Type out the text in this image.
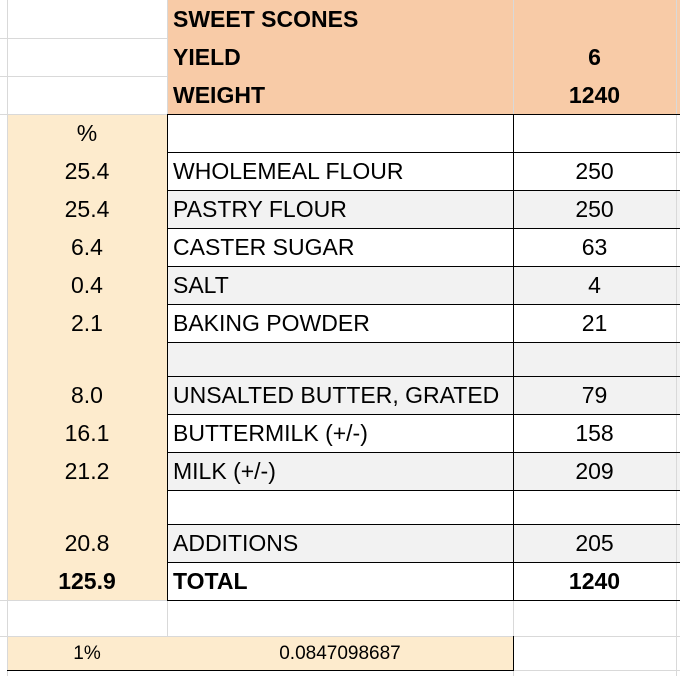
SWEET SCONES
YIELD	6
WEIGHT	1240
%
25.4	WHOLEMEAL FLOUR	250
25.4	PASTRY FLOUR	250
6.4	CASTER SUGAR	63
0.4	SALT	4
2.1	BAKING POWDER	21
8.0	UNSALTED BUTTER, GRATED	79
16.1	BUTTERMILK (+/-)	158
21.2	MILK (+/-)	209
20.8	ADDITIONS	205
125.9	TOTAL	1240
1%	0.0847098687
